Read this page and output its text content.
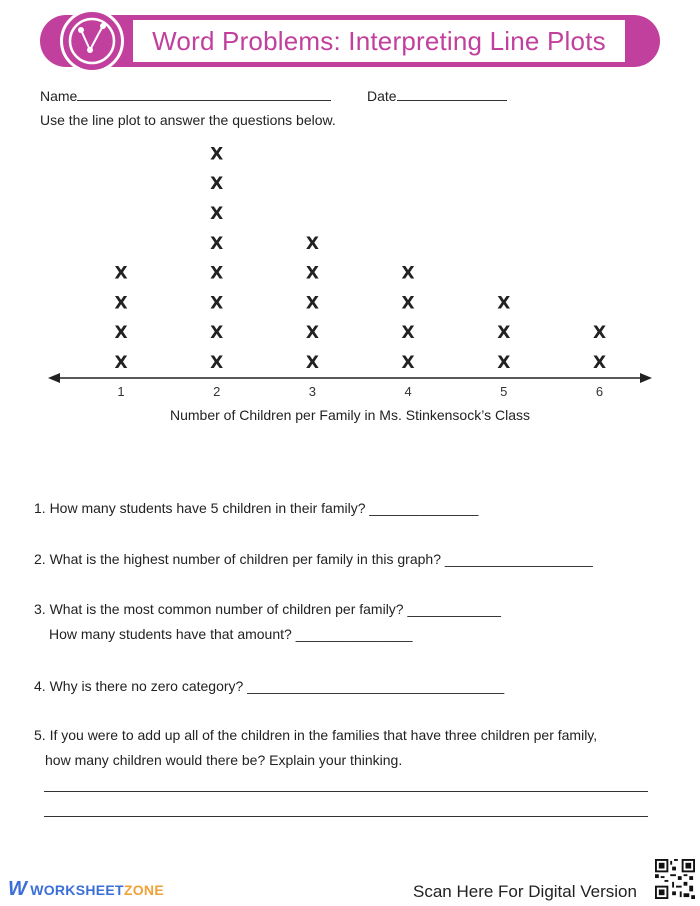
Word Problems: Interpreting Line Plots
Name	Date
Use the line plot to answer the questions below.
1
X
X
X
X
2
X
X
X
X
X
X
X
X
3
X
X
X
X
X
4
X
X
X
X
5
X
X
X
6
X
X
Number of Children per Family in Ms. Stinkensock’s Class
1. How many students have 5 children in their family? ______________
2. What is the highest number of children per family in this graph? ___________________
3. What is the most common number of children per family? ____________
How many students have that amount? _______________
4. Why is there no zero category? _________________________________
5. If you were to add up all of the children in the families that have three children per family,
how many children would there be? Explain your thinking.
W WORKSHEETZONE	Scan Here For Digital Version
